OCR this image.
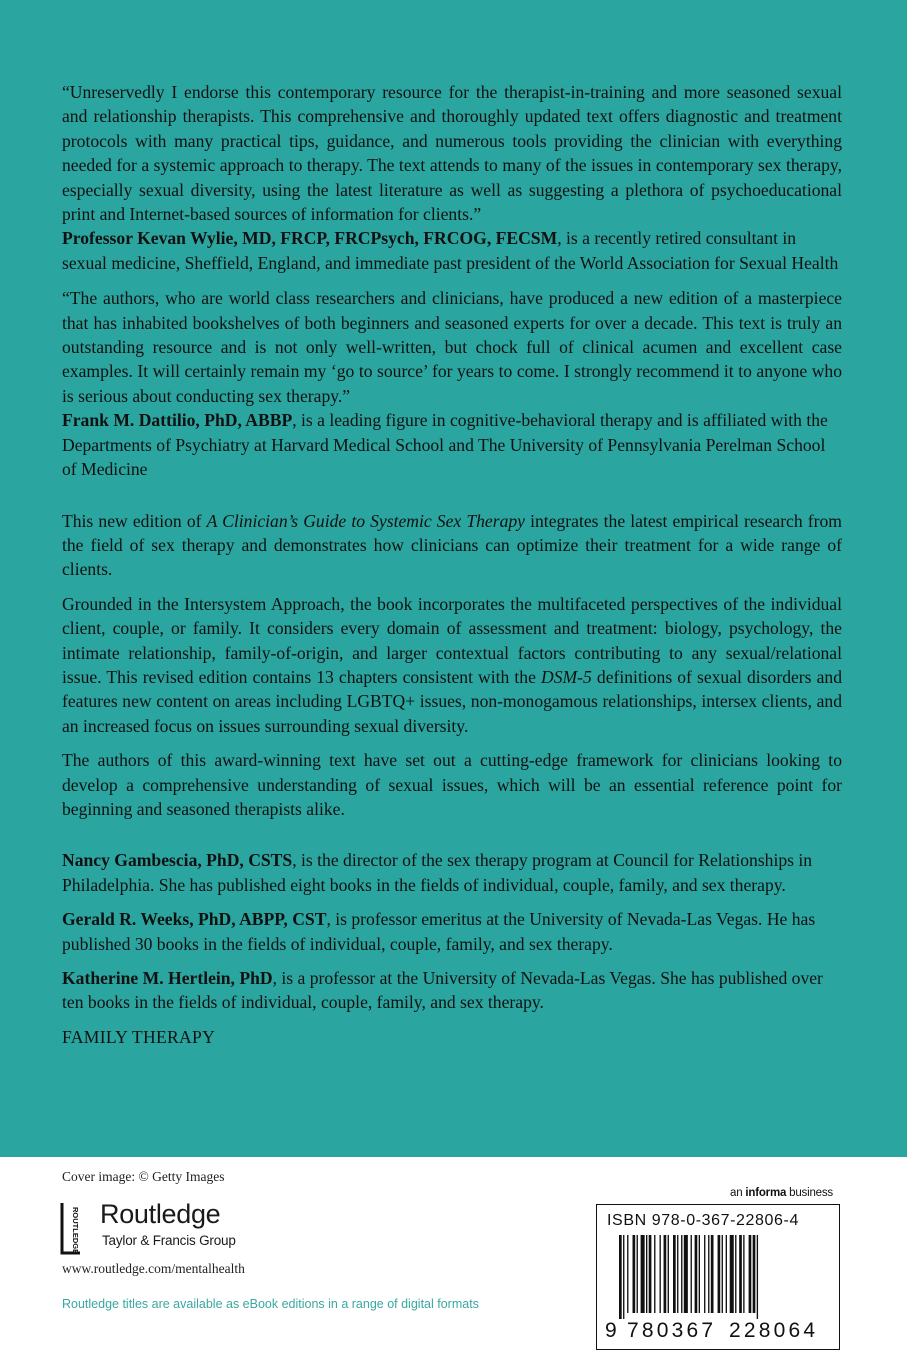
“Unreservedly I endorse this contemporary resource for the therapist-in-training and more seasoned sexual and relationship therapists. This comprehensive and thoroughly updated text offers diagnostic and treatment protocols with many practical tips, guidance, and numerous tools providing the clinician with everything needed for a systemic approach to therapy. The text attends to many of the issues in contemporary sex therapy, especially sexual diversity, using the latest literature as well as suggesting a plethora of psychoeducational print and Internet-based sources of information for clients.”

Professor Kevan Wylie, MD, FRCP, FRCPsych, FRCOG, FECSM, is a recently retired consultant in sexual medicine, Sheffield, England, and immediate past president of the World Association for Sexual Health

“The authors, who are world class researchers and clinicians, have produced a new edition of a masterpiece that has inhabited bookshelves of both beginners and seasoned experts for over a decade. This text is truly an outstanding resource and is not only well-written, but chock full of clinical acumen and excellent case examples. It will certainly remain my ‘go to source’ for years to come. I strongly recommend it to anyone who is serious about conducting sex therapy.”

Frank M. Dattilio, PhD, ABBP, is a leading figure in cognitive-behavioral therapy and is affiliated with the Departments of Psychiatry at Harvard Medical School and The University of Pennsylvania Perelman School of Medicine

This new edition of A Clinician’s Guide to Systemic Sex Therapy integrates the latest empirical research from the field of sex therapy and demonstrates how clinicians can optimize their treatment for a wide range of clients.

Grounded in the Intersystem Approach, the book incorporates the multifaceted perspectives of the individual client, couple, or family. It considers every domain of assessment and treatment: biology, psychology, the intimate relationship, family-of-origin, and larger contextual factors contributing to any sexual/relational issue. This revised edition contains 13 chapters consistent with the DSM-5 definitions of sexual disorders and features new content on areas including LGBTQ+ issues, non-monogamous relationships, intersex clients, and an increased focus on issues surrounding sexual diversity.

The authors of this award-winning text have set out a cutting-edge framework for clinicians looking to develop a comprehensive understanding of sexual issues, which will be an essential reference point for beginning and seasoned therapists alike.

Nancy Gambescia, PhD, CSTS, is the director of the sex therapy program at Council for Relationships in Philadelphia. She has published eight books in the fields of individual, couple, family, and sex therapy.

Gerald R. Weeks, PhD, ABPP, CST, is professor emeritus at the University of Nevada-Las Vegas. He has published 30 books in the fields of individual, couple, family, and sex therapy.

Katherine M. Hertlein, PhD, is a professor at the University of Nevada-Las Vegas. She has published over ten books in the fields of individual, couple, family, and sex therapy.

FAMILY THERAPY

Cover image: © Getty Images
ROUTLEDGE Routledge
Taylor & Francis Group
www.routledge.com/mentalhealth
Routledge titles are available as eBook editions in a range of digital formats
an informa business
ISBN 978-0-367-22806-4
9 780367 228064
